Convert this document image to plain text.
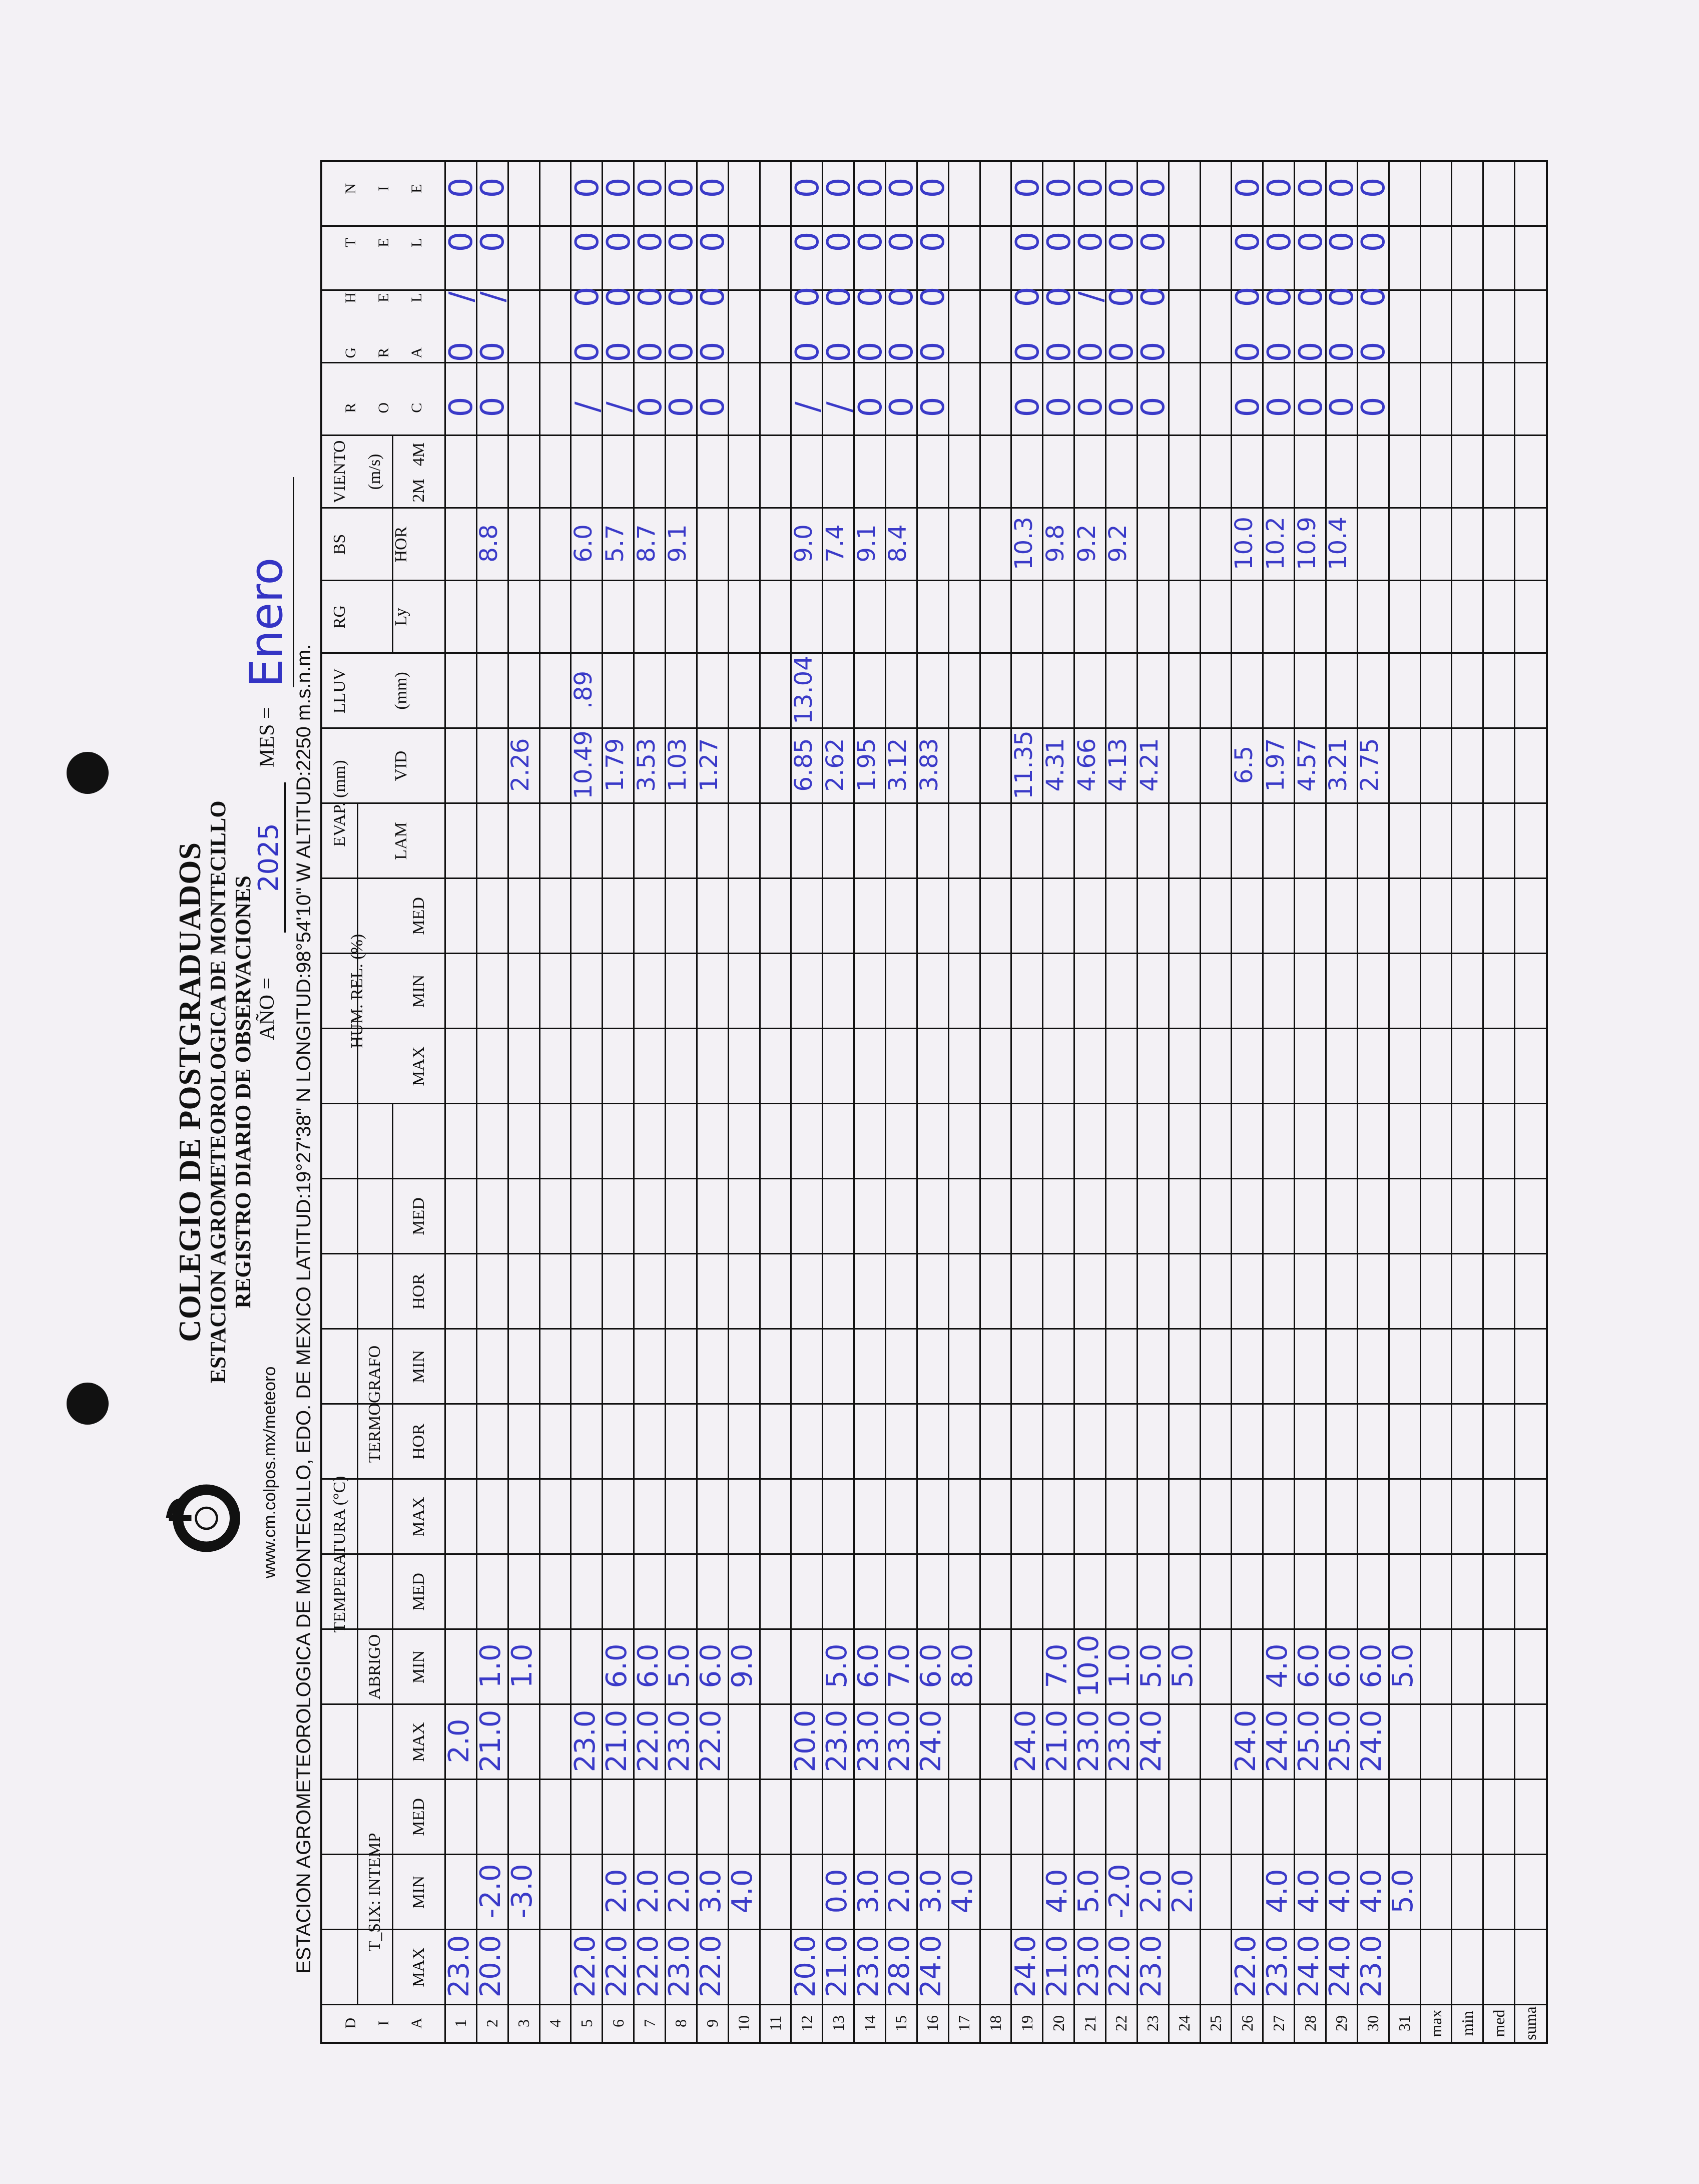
COLEGIO DE POSTGRADUADOS
ESTACION AGROMETEOROLOGICA DE MONTECILLO REGISTRO DIARIO DE OBSERVACIONES
www.cm.colpos.mx/meteoro
AÑO =
2025
MES =
Enero
ESTACION AGROMETEOROLOGICA DE MONTECILLO, EDO. DE MEXICO LATITUD:19°27'38" N LONGITUD:98°54'10" W ALTITUD:2250 m.s.n.m.
D I A
TEMPERATURA (°C)
T_SIX: INTEMP
ABRIGO
TERMOGRAFO
HUM. REL. (%)
EVAP. (mm)
LLUV
RG
BS
VIENTO
MAX
MIN
MED
MAX
MIN
MED
MAX
HOR
MIN
HOR
MED
MAX
MIN
MED
LAM
VID
(mm)
Ly
HOR
(m/s)
2M
4M
R O C
G R A
H E L
T E L
N I E
1
23.0
2.0
0
0
/
0
0
2
20.0
-2.0
21.0
1.0
8.8
0
0
/
0
0
3
-3.0
1.0
2.26
4 5
22.0
23.0
10.49
.89
6.0
/
0
0
0
0
6
22.0
2.0
21.0
6.0
1.79
5.7
/
0
0
0
0
7
22.0
2.0
22.0
6.0
3.53
8.7
0
0
0
0
0
8
23.0
2.0
23.0
5.0
1.03
9.1
0
0
0
0
0
9
22.0
3.0
22.0
6.0
1.27
0
0
0
0
0
10
4.0
9.0
11 12
20.0
20.0
6.85
13.04
9.0
/
0
0
0
0
13
21.0
0.0
23.0
5.0
2.62
7.4
/
0
0
0
0
14
23.0
3.0
23.0
6.0
1.95
9.1
0
0
0
0
0
15
28.0
2.0
23.0
7.0
3.12
8.4
0
0
0
0
0
16
24.0
3.0
24.0
6.0
3.83
0
0
0
0
0
17
4.0
8.0
18 19
24.0
24.0
11.35
10.3
0
0
0
0
0
20
21.0
4.0
21.0
7.0
4.31
9.8
0
0
0
0
0
21
23.0
5.0
23.0
10.0
4.66
9.2
0
0
/
0
0
22
22.0
-2.0
23.0
1.0
4.13
9.2
0
0
0
0
0
23
23.0
2.0
24.0
5.0
4.21
0
0
0
0
0
24
2.0
5.0
25 26
22.0
24.0
6.5
10.0
0
0
0
0
0
27
23.0
4.0
24.0
4.0
1.97
10.2
0
0
0
0
0
28
24.0
4.0
25.0
6.0
4.57
10.9
0
0
0
0
0
29
24.0
4.0
25.0
6.0
3.21
10.4
0
0
0
0
0
30
23.0
4.0
24.0
6.0
2.75
0
0
0
0
0
31
5.0
5.0
max min med suma
